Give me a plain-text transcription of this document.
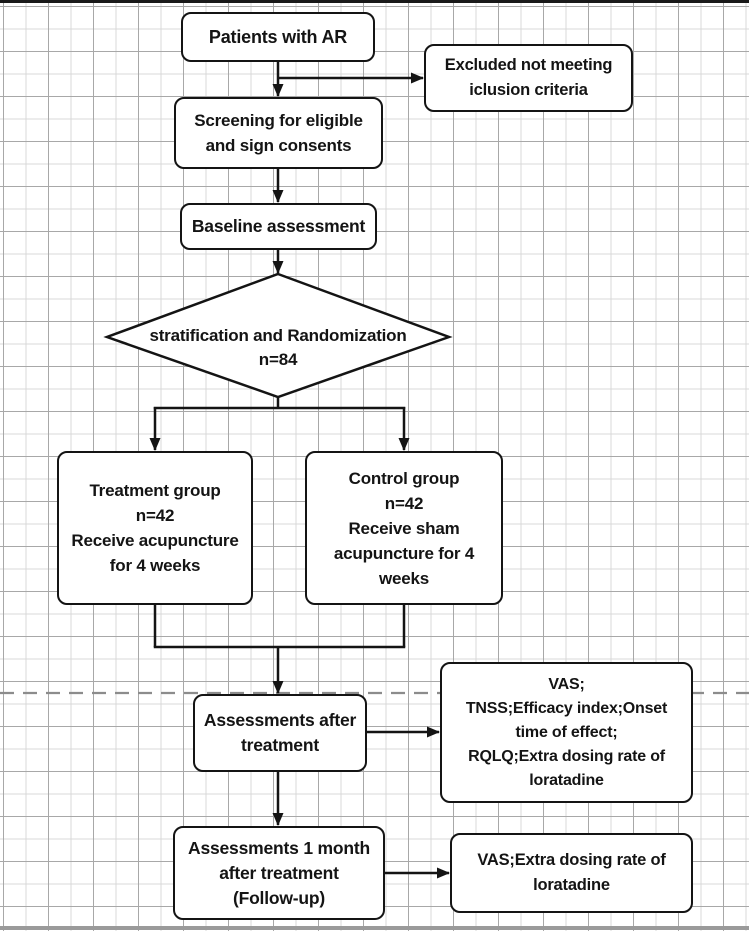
Patients with AR
Excluded not meeting
iclusion criteria
Screening for eligible
and sign consents
Baseline assessment
stratification and Randomization
n=84
Treatment group
n=42
Receive acupuncture
for 4 weeks
Control group
n=42
Receive sham
acupuncture for 4
weeks
Assessments after
treatment
VAS;
TNSS;Efficacy index;Onset
time of effect;
RQLQ;Extra dosing rate of
loratadine
Assessments 1 month
after treatment
(Follow-up)
VAS;Extra dosing rate of
loratadine
